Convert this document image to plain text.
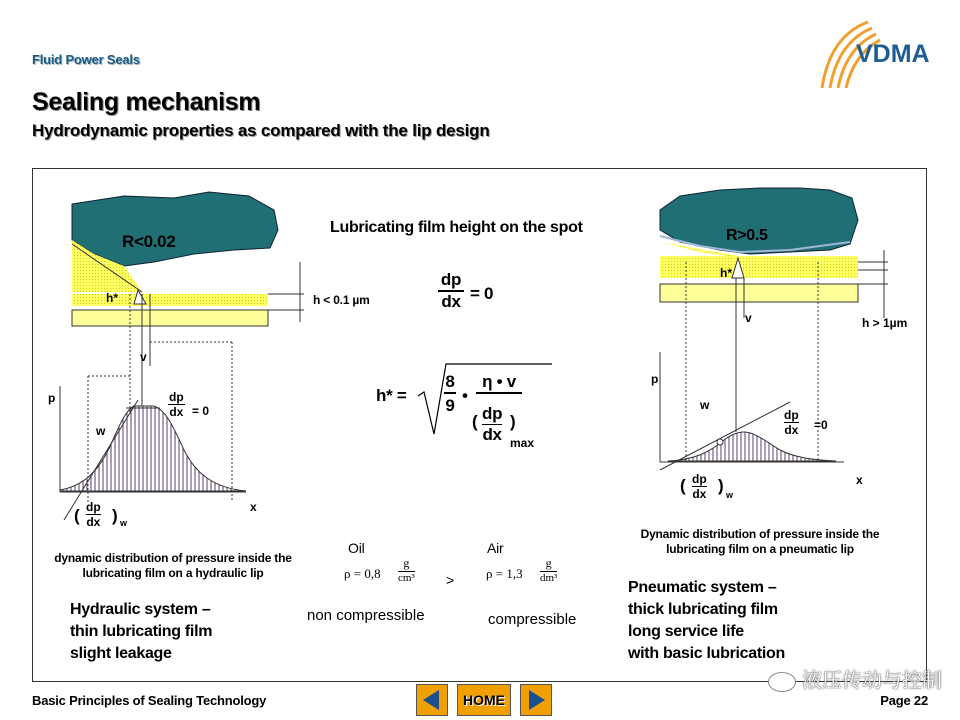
Fluid Power Seals
Sealing mechanism
Hydrodynamic properties as compared with the lip design
VDMA
R<0.02
h < 0.1 µm
h*
v
p
w
x
dp
dx = 0
( dp
dx ) w
dynamic distribution of pressure inside the lubricating film on a hydraulic lip
Hydraulic system –
thin lubricating film
slight leakage
Lubricating film height on the spot
dp
dx = 0
h* =
8
9
•
η • v
( dp
dx
)
max
Oil	Air
ρ = 0,8
g
cm³ > ρ = 1,3
g
dm³
non compressible	compressible
R>0.5
h*
h > 1µm
v
p
w
x
dp
dx =0
( dp
dx ) w
Dynamic distribution of pressure inside the lubricating film on a pneumatic lip
Pneumatic system –
thick lubricating film
long service life
with basic lubrication
Basic Principles of Sealing Technology	HOME	Page 22
液压传动与控制
